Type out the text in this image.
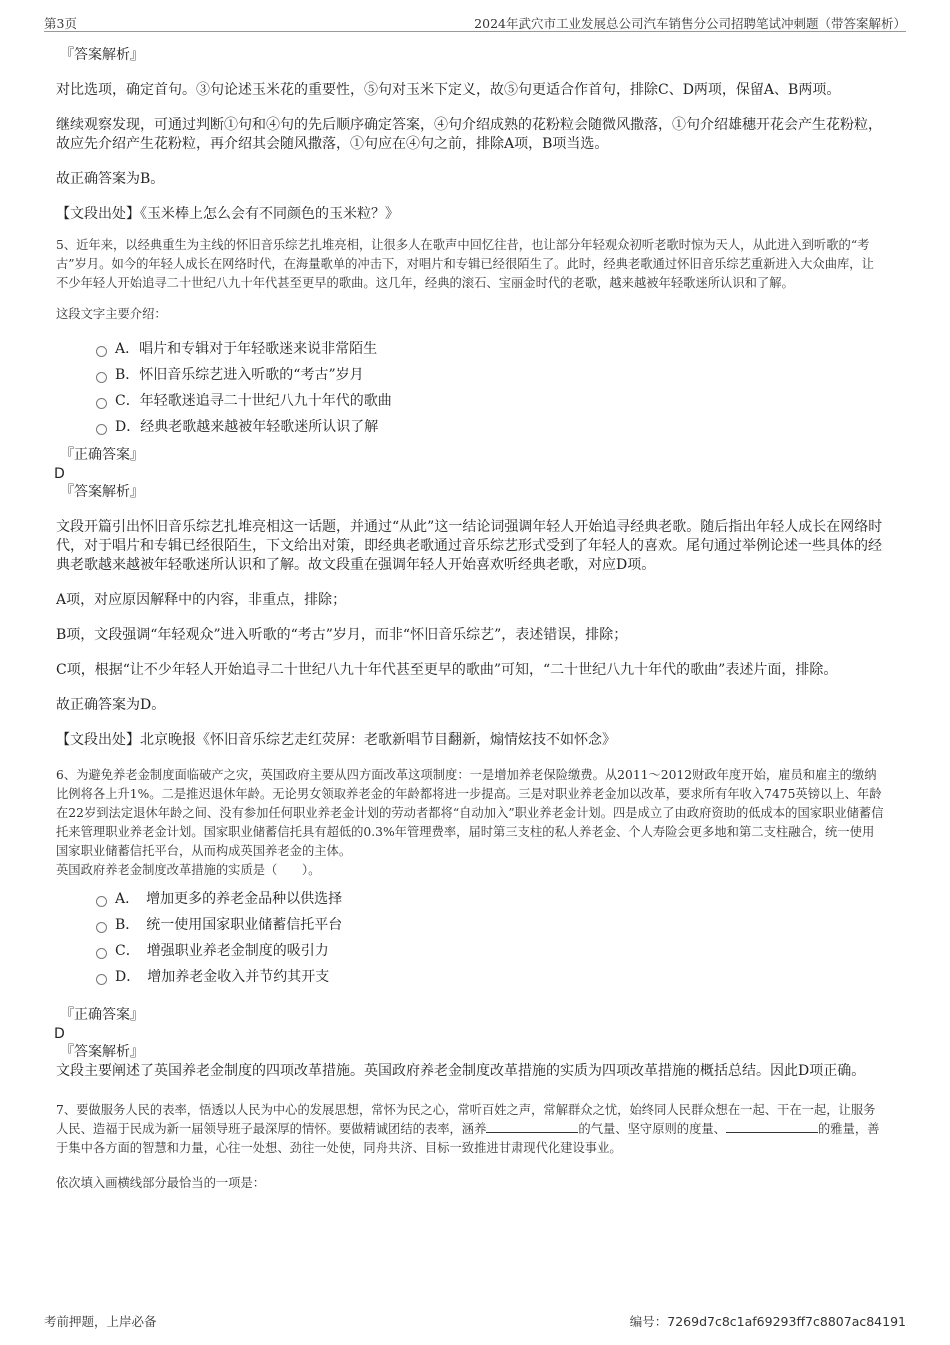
第3页	2024年武穴市工业发展总公司汽车销售分公司招聘笔试冲刺题（带答案解析）
『答案解析』
对比选项，确定首句。③句论述玉米花的重要性，⑤句对玉米下定义，故⑤句更适合作首句，排除C、D两项，保留A、B两项。
继续观察发现，可通过判断①句和④句的先后顺序确定答案，④句介绍成熟的花粉粒会随微风撒落，①句介绍雄穗开花会产生花粉粒，故应先介绍产生花粉粒，再介绍其会随风撒落，①句应在④句之前，排除A项，B项当选。
故正确答案为B。
【文段出处】《玉米棒上怎么会有不同颜色的玉米粒？》
5、近年来，以经典重生为主线的怀旧音乐综艺扎堆亮相，让很多人在歌声中回忆往昔，也让部分年轻观众初听老歌时惊为天人，从此进入到听歌的“考古”岁月。如今的年轻人成长在网络时代，在海量歌单的冲击下，对唱片和专辑已经很陌生了。此时，经典老歌通过怀旧音乐综艺重新进入大众曲库，让不少年轻人开始追寻二十世纪八九十年代甚至更早的歌曲。这几年，经典的滚石、宝丽金时代的老歌，越来越被年轻歌迷所认识和了解。
这段文字主要介绍：
A．唱片和专辑对于年轻歌迷来说非常陌生
B．怀旧音乐综艺进入听歌的“考古”岁月
C．年轻歌迷追寻二十世纪八九十年代的歌曲
D．经典老歌越来越被年轻歌迷所认识了解
『正确答案』
D
『答案解析』
文段开篇引出怀旧音乐综艺扎堆亮相这一话题，并通过“从此”这一结论词强调年轻人开始追寻经典老歌。随后指出年轻人成长在网络时代，对于唱片和专辑已经很陌生，下文给出对策，即经典老歌通过音乐综艺形式受到了年轻人的喜欢。尾句通过举例论述一些具体的经典老歌越来越被年轻歌迷所认识和了解。故文段重在强调年轻人开始喜欢听经典老歌，对应D项。
A项，对应原因解释中的内容，非重点，排除；
B项，文段强调“年轻观众”进入听歌的“考古”岁月，而非“怀旧音乐综艺”，表述错误，排除；
C项，根据“让不少年轻人开始追寻二十世纪八九十年代甚至更早的歌曲”可知，“二十世纪八九十年代的歌曲”表述片面，排除。
故正确答案为D。
【文段出处】北京晚报《怀旧音乐综艺走红荧屏：老歌新唱节目翻新，煽情炫技不如怀念》
6、为避免养老金制度面临破产之灾，英国政府主要从四方面改革这项制度：一是增加养老保险缴费。从2011～2012财政年度开始，雇员和雇主的缴纳比例将各上升1%。二是推迟退休年龄。无论男女领取养老金的年龄都将进一步提高。三是对职业养老金加以改革，要求所有年收入7475英镑以上、年龄在22岁到法定退休年龄之间、没有参加任何职业养老金计划的劳动者都将“自动加入”职业养老金计划。四是成立了由政府资助的低成本的国家职业储蓄信托来管理职业养老金计划。国家职业储蓄信托具有超低的0.3%年管理费率，届时第三支柱的私人养老金、个人寿险会更多地和第二支柱融合，统一使用国家职业储蓄信托平台，从而构成英国养老金的主体。
英国政府养老金制度改革措施的实质是（　　）。
A．　增加更多的养老金品种以供选择
B．　统一使用国家职业储蓄信托平台
C．　增强职业养老金制度的吸引力
D．　增加养老金收入并节约其开支
『正确答案』
D
『答案解析』
文段主要阐述了英国养老金制度的四项改革措施。英国政府养老金制度改革措施的实质为四项改革措施的概括总结。因此D项正确。
7、要做服务人民的表率，悟透以人民为中心的发展思想，常怀为民之心，常听百姓之声，常解群众之忧，始终同人民群众想在一起、干在一起，让服务人民、造福于民成为新一届领导班子最深厚的情怀。要做精诚团结的表率，涵养	的气量、坚守原则的度量、	的雅量，善于集中各方面的智慧和力量，心往一处想、劲往一处使，同舟共济、目标一致推进甘肃现代化建设事业。
依次填入画横线部分最恰当的一项是：
考前押题，上岸必备	编号：7269d7c8c1af69293ff7c8807ac84191
